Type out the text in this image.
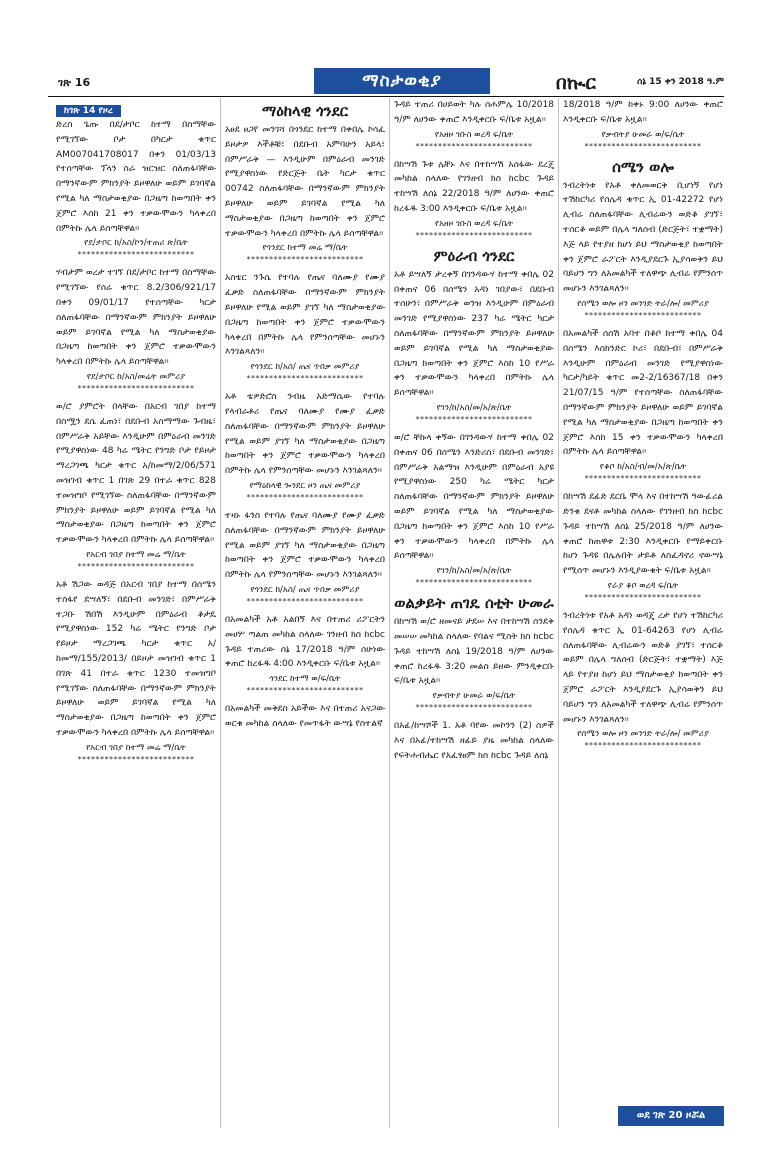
ገጽ 16	ማስታወቂያ	በኲር	ሰኔ 15 ቀን 2018 ዓ.ም
ከገጽ 14 የዞረ

ድረስ ጌጡ በደ/ታቦር ከተማ በስማቸው የሚገኘው ቦታ በካርታ ቁጥር AM007041708017 በቀን 01/03/13 የተሰጣቸው ፕላን ስራ ዝርዝር ስለጠፋባቸው በማንኛውም ምክንያት ይዞዋለሁ ወይም ይገባኛል የሚል ካለ ማስታወቂያው በጋዜጣ ከወጣበት ቀን ጀምሮ እስከ 21 ቀን ተቃውሞውን ካላቀረበ በምትኩ ሌላ ይሰጣቸዋል፡፡

የደ/ታቦር ከ/አስ/ኮን/ተጠሪ ጽ/ቤት
**************************

ሃብታም ወረታ ተገኘ በደ/ታቦር ከተማ በስማቸው የሚገኘው የሰሬ ቁጥር 8.2/306/921/17 በቀን 09/01/17 የተሰጣቸው ካርታ ስለጠፋባቸው በማንኛውም ምክንያት ይዞዋለሁ ወይም ይገባኛል የሚል ካለ ማስታወቂያው በጋዜጣ ከወጣበት ቀን ጀምሮ ተቃውሞውን ካላቀረበ በምትኩ ሌላ ይሰጣቸዋል፡፡

የደ/ታቦር ከ/አስ/መሬት መምሪያ
**************************

ወ/ሮ ያምሮት በላቸው በአርብ ገበያ ከተማ በስሟን ደሴ ፈጠነ፣ በደቡብ አስማማው ጉብዜ፣ በምሥራቅ አይቸው እንዲሁም በምዕራብ መንገድ የሚያዋስነው 48 ካሬ ሜትር የንግድ ቦታ የይዞታ ማረጋገጫ ካርታ ቁጥር አ/ከመማ/2/06/571 መዝገብ ቁጥር 1 በገጽ 29 በተራ ቁጥር 828 ተመዝግቦ የሚገኘው ስለጠፋባቸው በማንኛውም ምክንያት ይዞዋለሁ ወይም ይገባኛል የሚል ካለ ማስታወቂያው በጋዜጣ ከወጣበት ቀን ጀምሮ ተቃውሞውን ካላቀረበ በምትኩ ሌላ ይሰጣቸዋል፡፡

የአርብ ገበያ ከተማ መሬ ማ/ቤት
**************************

አቶ ሽጋው ወዳጅ በአርብ ገበያ ከተማ በሰሜን ተስፋየ ደሣለኝ፣ በደቡብ መንገድ፣ በምሥራቅ ተጋቡ ሽበሽ እንዲሁም በምዕራብ ቆታዴ የሚያዋስነው 152 ካሬ ሜትር የንግድ ቦታ የይዞታ ማረጋገጫ ካርታ ቁጥር አ/ከመማ/155/2013/ በይዞታ መዝገብ ቁጥር 1 በገጽ 41 በተራ ቁጥር 1230 ተመዝግቦ የሚገኘው ስለጠፋባቸው በማንኛውም ምክንያት ይዞዋለሁ ወይም ይገባኛል የሚል ካለ ማስታወቂያው በጋዜጣ ከወጣበት ቀን ጀምሮ ተቃውሞውን ካላቀረበ በምትኩ ሌላ ይሰጣቸዋል፡፡

የአርብ ገበያ ከተማ መሬ ማ/ቤት
**************************
ማዕከላዊ ጎንደር

አፀደ ፀጋየ መንገሻ በጎንደር ከተማ በቀበሌ ኮሳፈ ይዞታዎ እችቶቹ፣ በደቡብ አምባሁን አይላ፣ በምሥራቅ — እንዲሁም በምዕራብ መንገድ የሚያዋስነው የድርጅት ቤት ካርታ ቁጥር 00742 ስለጠፋባቸው በማንኛውም ምክንያት ይዞዋለሁ ወይም ይገባኛል የሚል ካለ ማስታወቂያው በጋዜጣ ከወጣበት ቀን ጀምሮ ተቃውሞውን ካላቀረበ በምትኩ ሌላ ይሰጣቸዋል፡፡

የጎንደር ከተማ መሬ ማ/ቤት
**************************

አስቴር ንጉሴ የተባሉ የጤና ባለሙያ የሙያ ፈቃድ ስለጠፋባቸው በማንኛውም ምክንያት ይዞዋለሁ የሚል ወይም ያገኘ ካለ ማስታወቂያው በጋዜጣ ከወጣበት ቀን ጀምሮ ተቃውሞውን ካላቀረበ በምትኩ ሌላ የምንሰጣቸው መሆኑን እንገልጻለን፡፡

የጎንደር ከ/አስ/ ጤና ጥበቃ መምሪያ
**************************

አቶ ቴዎድሮስ ንብዜ አድማሴው የተባሉ የላብራቶሪ የጤና ባለሙያ የሙያ ፈቃድ ስለጠፋባቸው በማንኛውም ምክንያት ይዞዋለሁ የሚል ወይም ያገኘ ካለ ማስታወቂያው በጋዜጣ ከወጣበት ቀን ጀምሮ ተቃውሞውን ካላቀረበ በምትኩ ሌላ የምንሰጣቸው መሆኑን እንገልጻለን፡፡

የማዕከላዊ ጐንደር ዞን ጤና መምሪያ
**************************

ተዛኑ ፋንስ የተባሉ የጤና ባለሙያ የሙያ ፈቃድ ስለጠፋባቸው በማንኛውም ምክንያት ይዞዋለሁ የሚል ወይም ያገኘ ካለ ማስታወቂያው በጋዜጣ ከወጣበት ቀን ጀምሮ ተቃውሞውን ካላቀረበ በምትኩ ሌላ የምንሰጣቸው መሆኑን እንገልጻለን፡፡

የጎንደር ከ/አስ/ ጤና ጥበቃ መምሪያ
**************************

በአመልካች አቶ አልበኝ እና በተጠሪ ሪፖርትን መሀሦ ጣልጠ መካከል ስላለው ገንዘብ ክስ ከcbc ጉዳይ ተጠሪው ሰኔ 17/2018 ዓ/ም ሰሁነው ቀጠሮ ከረፋዱ 4:00 እንዲቀርቡ ፍ/ቤቱ አዟል፡፡

ጎንደር ከተማ ወ/ፍ/ቤት
**************************

በአመልካች መቅደስ አይችው እና በተጠሪ አናጋው ወርቁ መካከል ስላለው የመጥፋት ውሣኔ የስተልኛ

ጉዳይ ተጠሪ በሀይወት ካሉ ሰሐምሌ 10/2018 ዓ/ም ለሀንው ቀጠሮ እንዲቀርቡ ፍ/ቤቱ አዟል፡፡

የአዘዞ ገቡስ ወረዳ ፍ/ቤት
**************************

በከሣሽ ጉቱ ሌቸኑ እና በተከሣሽ አሰፋው ደረጄ መካከል ስላለው የገንዘብ ክስ ከcbc ጉዳይ ተከሣሽ ለሰኔ 22/2018 ዓ/ም ለሀንው ቀጠሮ ከረፋዱ 3:00 እንዲቀርቡ ፍ/ቤቱ አዟል፡፡

የአዘዞ ገቡስ ወረዳ ፍ/ቤት
**************************
ምዕራብ ጎንደር

አቶ ይሣለኝ ታረቀኝ በገንዳውሃ ከተማ ቀበሌ 02 በቀጠና 06 በሰሜን አዳነ ገበያው፣ በደቡብ ተሰሁን፣ በምሥራቅ ወንዝ እንዲሁም በምዕራብ መንገድ የሚያዋስነው 237 ካሬ ሜትር ካርታ ስለጠፋባቸው በማንኛውም ምክንያት ይዞዋለሁ ወይም ይገባኛል የሚል ካለ ማስታወቂያው በጋዜጣ ከወጣበት ቀን ጀምሮ እስከ 10 የሥራ ቀን ተቃውሞውን ካላቀረበ በምትኩ ሌላ ይሰጣቸዋል፡፡

የገን/ከ/አስ/መ/አ/ጽ/ቤት
**************************

ወ/ሮ ቸኩላ ቀኝው በገንዳውሃ ከተማ ቀበሌ 02 በቀጠና 06 በሰሜን እንድሪስ፣ በደቡብ መንገድ፣ በምሥራቅ አልማዝ እንዲሁም በምዕራብ አያዩ የሚያዋስነው 250 ካሬ ሜትር ካርታ ስለጠፋባቸው በማንኛውም ምክንያት ይዞዋለሁ ወይም ይገባኛል የሚል ካለ ማስታወቂያው በጋዜጣ ከወጣበት ቀን ጀምሮ እስከ 10 የሥራ ቀን ተቃውሞውን ካላቀረበ በምትኩ ሌላ ይሰጣቸዋል፡፡

የገን/ከ/አስ/መ/አ/ጽ/ቤት
**************************
ወልቃይት ጠገዴ ሰቲት ሁመራ

በከሣሽ ወ/ሮ ዘመናይ ታደሠ እና በተከሣሽ ሰንደቅ መሠሠ መካከል ስላለው የባልና ሚስት ክስ ከcbc ጉዳይ ተከሣሽ ለሰኔ 19/2018 ዓ/ም ለሀንው ቀጠሮ ከረፋዱ 3:20 መልስ ይዘው ምንዲቀርቡ ፍ/ቤቱ አዟል፡፡

የቃብትያ ሁመራ ወ/ፍ/ቤት
**************************

በአፊ/ከሣሾች 1. አቶ ባየው መኮንን (2) ሰዎች እና በአፊ/ተከሣሽ ዘፊይ ያዜ መካከል ስላለው የፍትሐብሔር የአፈፃፀም ክስ ከcbc ጉዳይ ለሰኔ

18/2018 ዓ/ም ከቀኑ 9:00 ለሀንው ቀጠሮ እንዲቀርቡ ፍ/ቤቱ አዟል፡፡

የቃብትያ ሁመራ ወ/ፍ/ቤት
**************************
ሰሜን ወሎ

ንብረትነቱ የአቶ ቀለመወርቅ ቢሆነኝ የሆነ ተሽከርካሪ የሰሌዳ ቁጥር ኢ 01-42272 የሆነ ሊብሬ ስለጠፋባቸው ሊብሬውን ወድቆ ያገኘ፣ ተሰርቆ ወይም በሌላ ግለሰብ (ድርጅት፣ ተቋማት) እጅ ላይ የተያዘ ከሆነ ይህ ማስታወቂያ ከወጣበት ቀን ጀምሮ ራፖርት እንዲያደርጉ ኢያሳወቅን ይህ ባይሆን ግን ለአመልካች ተለዋጭ ሊብሬ የምንሰጥ መሆኑን እንገልጻለን፡፡

የሰሜን ወሎ ዞን መንገድ ትራ/ሎ/ መምሪያ
**************************

በአመልካች ሰሰሽ አባተ በቆቦ ከተማ ቀበሌ 04 በሰሜን እስክንድር ኮሪ፣ በደቡብ፣ በምሥራቅ እንዲሁም በምዕራብ መንገድ የሚያዋስነው ካርታ/ካይት ቁጥር መ2-2/16367/18 በቀን 21/07/15 ዓ/ም የተሰጣቸው ስለጠፋባቸው በማንኛውም ምክንያት ይዞዋለሁ ወይም ይገባኛል የሚል ካለ ማስታወቂያው በጋዜጣ ከወጣበት ቀን ጀምሮ እስከ 15 ቀን ተቃውሞውን ካላቀረበ በምትኩ ሌላ ይሰጣቸዋል፡፡

የቆቦ ከ/አስ/ብ/መ/አ/ጽ/ቤት
**************************

በከሣሽ ደፊድ ደርቤ ሞላ እና በተከሣሽ ዓውፊሪል ድንቁ ደናቶ መካከል ስላለው የገንዘብ ክስ ከcbc ጉዳይ ተከሣሽ ለሰኔ 25/2018 ዓ/ም ለሀንው ቀጠሮ ከጠዋቱ 2:30 እንዲቀርቡ የማይቀርቡ ከሆነ ጉዳዩ በሌሉበት ታይቶ ለስፈዳኖሪ ኖውሣኔ የሚሰጥ መሆኑን እንዲያውቁት ፍ/ቤቱ አዟል፡፡

የራያ ቆቦ ወረዳ ፍ/ቤት
**************************

ንብረትነቱ የአቶ አዳነ ወዳጄ ረታ የሆነ ተሽከርካሪ የሰሌዳ ቁጥር ኢ 01-64263 የሆነ ሊብሬ ስለጠፋባቸው ሊብሬውን ወድቆ ያገኘ፣ ተሰርቆ ወይም በሌላ ግለሰብ (ድርጅት፣ ተቋማት) እጅ ላይ የተያዘ ከሆነ ይህ ማስታወቂያ ከወጣበት ቀን ጀምሮ ራፖርት እንዲያደርጉ ኢያሳወቅን ይህ ባይሆን ግን ለአመልካች ተለዋጭ ሊብሬ የምንሰጥ መሆኑን እንገልጻለን፡፡

የሰሜን ወሎ ዞን መንገድ ትራ/ሎ/ መምሪያ
**************************
ወደ ገጽ 20 ዞሯል
